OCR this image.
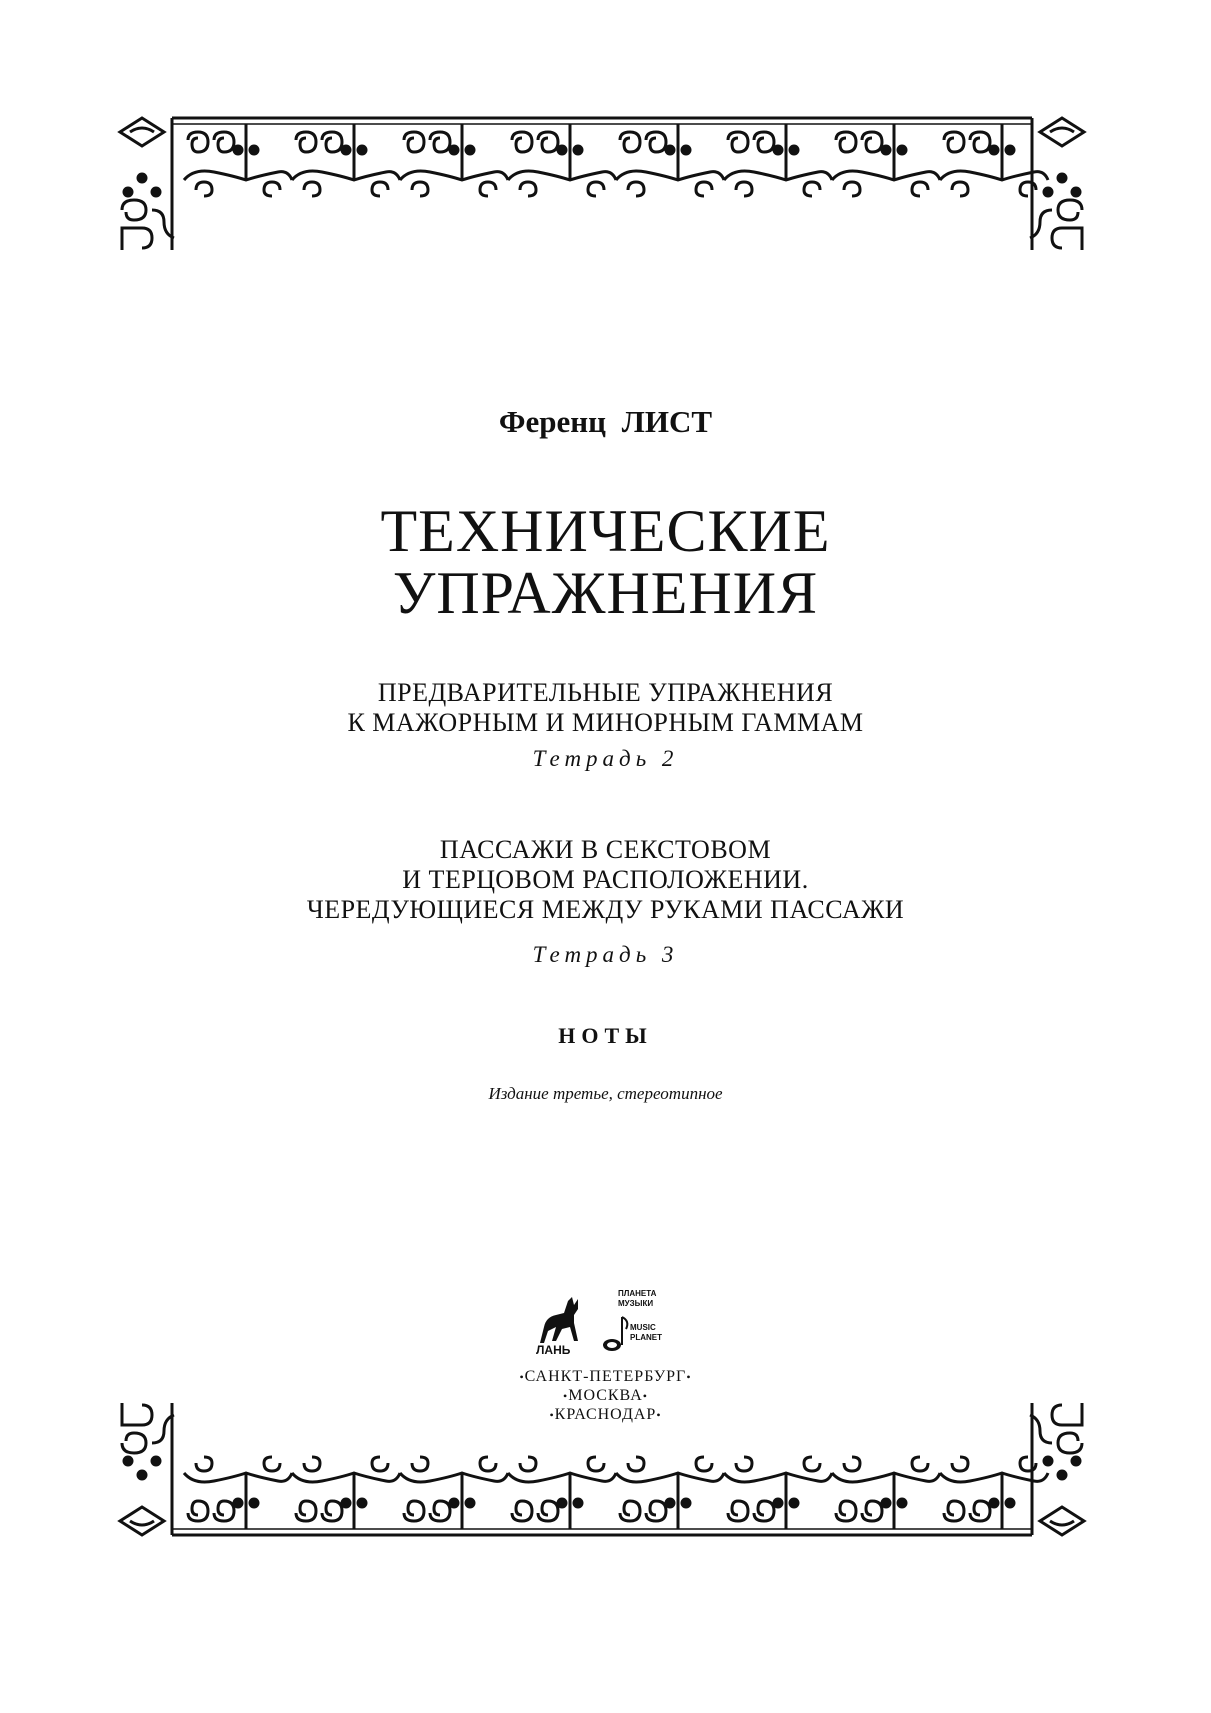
Ференц ЛИСТ
ТЕХНИЧЕСКИЕ
УПРАЖНЕНИЯ
ПРЕДВАРИТЕЛЬНЫЕ УПРАЖНЕНИЯ
К МАЖОРНЫМ И МИНОРНЫМ ГАММАМ
Тетрадь 2
ПАССАЖИ В СЕКСТОВОМ
И ТЕРЦОВОМ РАСПОЛОЖЕНИИ.
ЧЕРЕДУЮЩИЕСЯ МЕЖДУ РУКАМИ ПАССАЖИ
Тетрадь 3
НОТЫ
Издание третье, стереотипное
ЛАНЬ
ПЛАНЕТА
МУЗЫКИ
MUSIC
PLANET
•САНКТ-ПЕТЕРБУРГ•
•МОСКВА•
•КРАСНОДАР•
